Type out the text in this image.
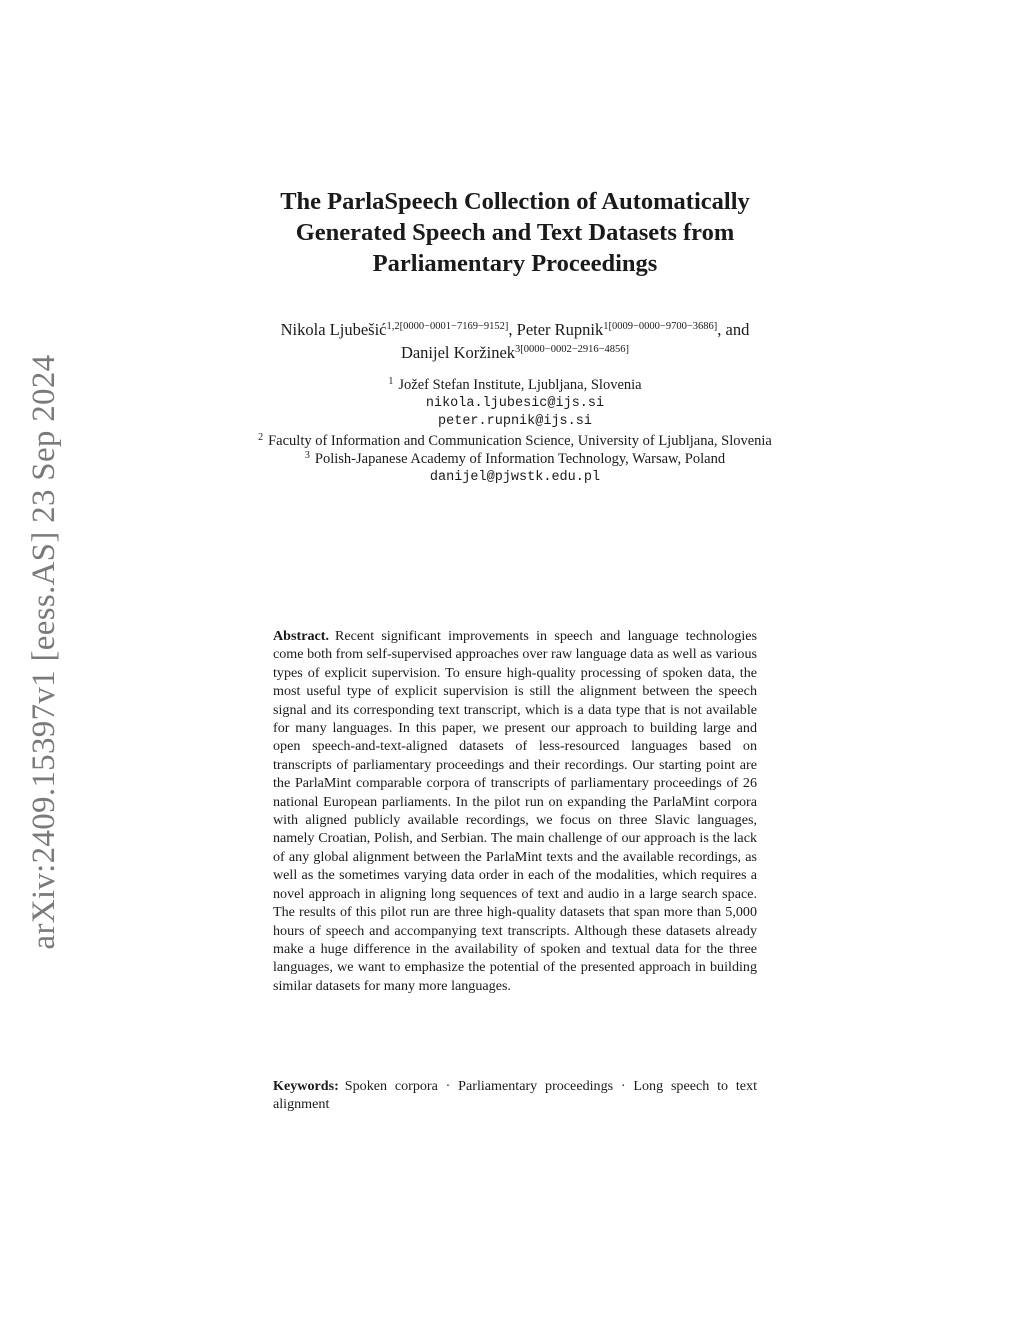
arXiv:2409.15397v1 [eess.AS] 23 Sep 2024
The ParlaSpeech Collection of Automatically Generated Speech and Text Datasets from Parliamentary Proceedings
Nikola Ljubešić$^{1,2[0000-0001-7169-9152]}$, Peter Rupnik$^{1[0009-0000-9700-3686]}$, and
Danijel Koržinek$^{3[0000-0002-2916-4856]}$
$^1$ Jožef Stefan Institute, Ljubljana, Slovenia
nikola.ljubesic@ijs.si
peter.rupnik@ijs.si
$^2$ Faculty of Information and Communication Science, University of Ljubljana, Slovenia
$^3$ Polish-Japanese Academy of Information Technology, Warsaw, Poland
danijel@pjwstk.edu.pl
Abstract. Recent significant improvements in speech and language technologies come both from self-supervised approaches over raw language data as well as various types of explicit supervision. To ensure high-quality processing of spoken data, the most useful type of explicit supervision is still the alignment between the speech signal and its corresponding text transcript, which is a data type that is not available for many languages. In this paper, we present our approach to building large and open speech-and-text-aligned datasets of less-resourced languages based on transcripts of parliamentary proceedings and their recordings. Our starting point are the ParlaMint comparable corpora of transcripts of parliamentary proceedings of 26 national European parliaments. In the pilot run on expanding the ParlaMint corpora with aligned publicly available recordings, we focus on three Slavic languages, namely Croatian, Polish, and Serbian. The main challenge of our approach is the lack of any global alignment between the ParlaMint texts and the available recordings, as well as the sometimes varying data order in each of the modalities, which requires a novel approach in aligning long sequences of text and audio in a large search space. The results of this pilot run are three high-quality datasets that span more than 5,000 hours of speech and accompanying text transcripts. Although these datasets already make a huge difference in the availability of spoken and textual data for the three languages, we want to emphasize the potential of the presented approach in building similar datasets for many more languages.
Keywords: Spoken corpora · Parliamentary proceedings · Long speech to text alignment
